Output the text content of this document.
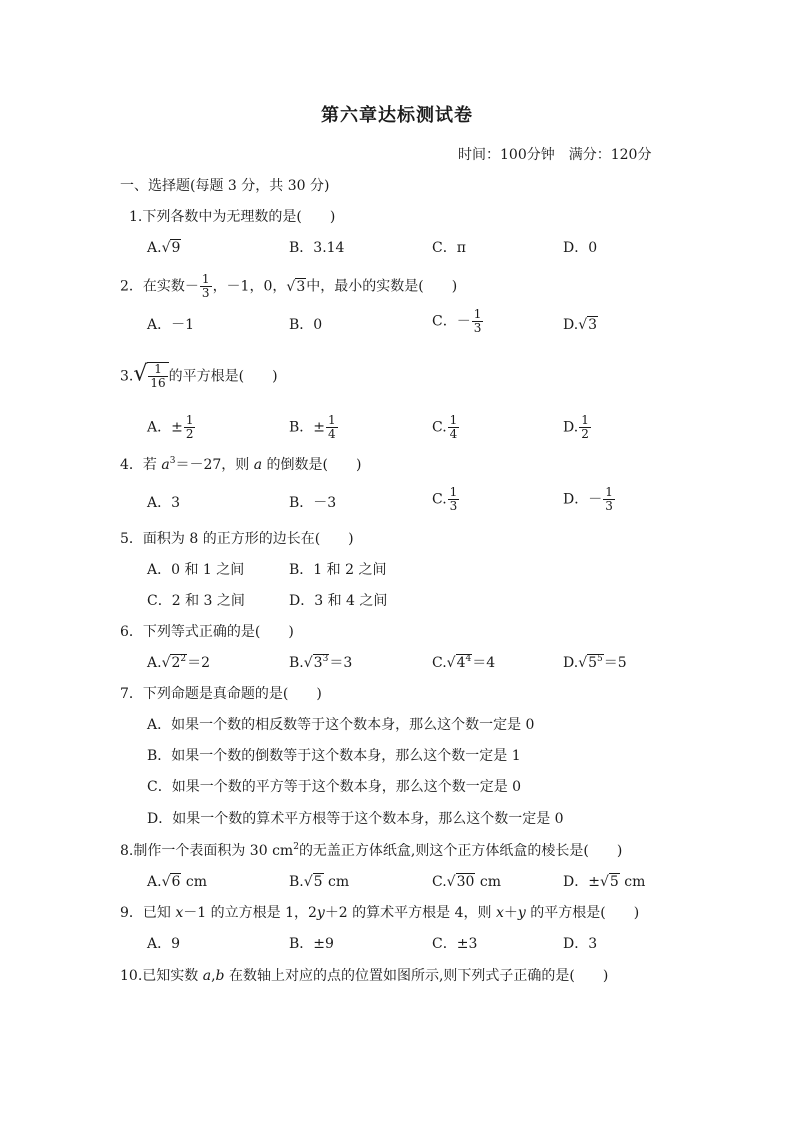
第六章达标测试卷
时间：100分钟　满分：120分
一、选择题(每题 3 分，共 30 分)
1.下列各数中为无理数的是(　　)
A.√9	B．3.14	C．π	D．0
2．在实数－ $\frac{1}{3}$ ，－1，0，√3中，最小的实数是(　　)
A．－1	B．0	C．－ $\frac{1}{3}$	D.√3
$3.√ \frac{1}{16}$ 的平方根是(　　)
A．± $\frac{1}{2}$	B．± $\frac{1}{4}$	C. $\frac{1}{4}$	D. $\frac{1}{2}$
4．若 $a^3=-27$，则 a 的倒数是(　　)
A．3	B．－3	C. $\frac{1}{3}$	D．－ $\frac{1}{3}$
5．面积为 8 的正方形的边长在(　　)
A．0 和 1 之间	B．1 和 2 之间
C．2 和 3 之间	D．3 和 4 之间
6．下列等式正确的是(　　)
$A.√2^2=2$	$B.√3^3=3$	$C.√4^4=4$	$D.√5^5=5$
7．下列命题是真命题的是(　　)
A．如果一个数的相反数等于这个数本身，那么这个数一定是 0
B．如果一个数的倒数等于这个数本身，那么这个数一定是 1
C．如果一个数的平方等于这个数本身，那么这个数一定是 0
D．如果一个数的算术平方根等于这个数本身，那么这个数一定是 0
8.制作一个表面积为 30 $cm^2$的无盖正方体纸盒,则这个正方体纸盒的棱长是(　　)
A.√6 cm	B.√5 cm	C.√30 cm	D．±√5 cm
9．已知 x－1 的立方根是 1，2y＋2 的算术平方根是 4，则 x＋y 的平方根是(　　)
A．9	B．±9	C．±3	D．3
10.已知实数 a,b 在数轴上对应的点的位置如图所示,则下列式子正确的是(　　)
